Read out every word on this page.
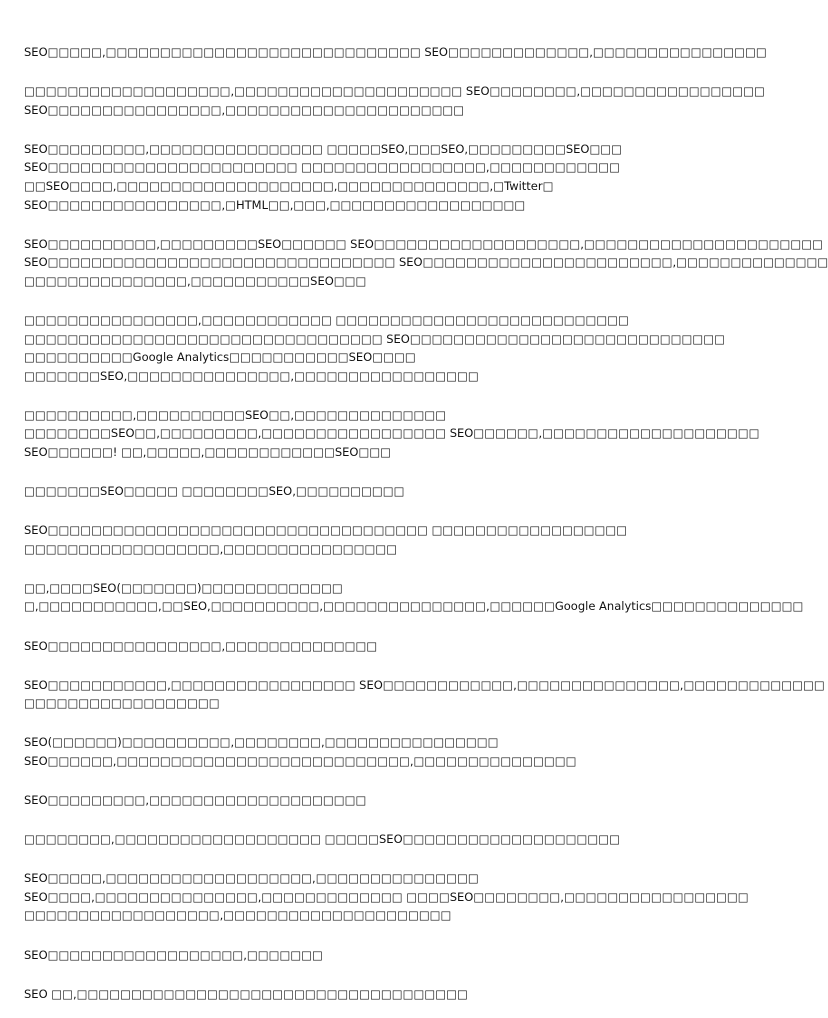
SEO□□□□□,□□□□□□□□□□□□□□□□□□□□□□□□□□□□□ SEO□□□□□□□□□□□□□,□□□□□□□□□□□□□□□□

□□□□□□□□□□□□□□□□□□□,□□□□□□□□□□□□□□□□□□□□□ SEO□□□□□□□□,□□□□□□□□□□□□□□□□□
SEO□□□□□□□□□□□□□□□□,□□□□□□□□□□□□□□□□□□□□□□

SEO□□□□□□□□□,□□□□□□□□□□□□□□□□ □□□□□SEO,□□□SEO,□□□□□□□□□SEO□□□
SEO□□□□□□□□□□□□□□□□□□□□□□□ □□□□□□□□□□□□□□□□□,□□□□□□□□□□□□
□□SEO□□□□,□□□□□□□□□□□□□□□□□□□□,□□□□□□□□□□□□□□,□Twitter□
SEO□□□□□□□□□□□□□□□□,□HTML□□,□□□,□□□□□□□□□□□□□□□□□□

SEO□□□□□□□□□□,□□□□□□□□□SEO□□□□□□ SEO□□□□□□□□□□□□□□□□□□□,□□□□□□□□□□□□□□□□□□□□□□
SEO□□□□□□□□□□□□□□□□□□□□□□□□□□□□□□□□ SEO□□□□□□□□□□□□□□□□□□□□□□□,□□□□□□□□□□□□□□
□□□□□□□□□□□□□□□,□□□□□□□□□□□SEO□□□

□□□□□□□□□□□□□□□□,□□□□□□□□□□□□ □□□□□□□□□□□□□□□□□□□□□□□□□□□
□□□□□□□□□□□□□□□□□□□□□□□□□□□□□□□□□ SEO□□□□□□□□□□□□□□□□□□□□□□□□□□□□□
□□□□□□□□□□Google Analytics□□□□□□□□□□□SEO□□□□
□□□□□□□SEO,□□□□□□□□□□□□□□□,□□□□□□□□□□□□□□□□□

□□□□□□□□□□,□□□□□□□□□□SEO□□,□□□□□□□□□□□□□□
□□□□□□□□SEO□□,□□□□□□□□□,□□□□□□□□□□□□□□□□□ SEO□□□□□□,□□□□□□□□□□□□□□□□□□□□
SEO□□□□□□! □□,□□□□□,□□□□□□□□□□□□SEO□□□

□□□□□□□SEO□□□□□ □□□□□□□□SEO,□□□□□□□□□□

SEO□□□□□□□□□□□□□□□□□□□□□□□□□□□□□□□□□□□ □□□□□□□□□□□□□□□□□□
□□□□□□□□□□□□□□□□□□,□□□□□□□□□□□□□□□□

□□,□□□□SEO(□□□□□□□)□□□□□□□□□□□□□
□,□□□□□□□□□□□,□□SEO,□□□□□□□□□□,□□□□□□□□□□□□□□□,□□□□□□Google Analytics□□□□□□□□□□□□□□

SEO□□□□□□□□□□□□□□□□,□□□□□□□□□□□□□□

SEO□□□□□□□□□□□,□□□□□□□□□□□□□□□□□ SEO□□□□□□□□□□□□,□□□□□□□□□□□□□□□,□□□□□□□□□□□□□
□□□□□□□□□□□□□□□□□□

SEO(□□□□□□)□□□□□□□□□□,□□□□□□□□,□□□□□□□□□□□□□□□□
SEO□□□□□□,□□□□□□□□□□□□□□□□□□□□□□□□□□□,□□□□□□□□□□□□□□□

SEO□□□□□□□□□,□□□□□□□□□□□□□□□□□□□□

□□□□□□□□,□□□□□□□□□□□□□□□□□□□ □□□□□SEO□□□□□□□□□□□□□□□□□□□□

SEO□□□□□,□□□□□□□□□□□□□□□□□□□,□□□□□□□□□□□□□□□
SEO□□□□,□□□□□□□□□□□□□□□,□□□□□□□□□□□□□ □□□□SEO□□□□□□□□,□□□□□□□□□□□□□□□□□
□□□□□□□□□□□□□□□□□□,□□□□□□□□□□□□□□□□□□□□□

SEO□□□□□□□□□□□□□□□□□□,□□□□□□□

SEO □□,□□□□□□□□□□□□□□□□□□□□□□□□□□□□□□□□□□□□
